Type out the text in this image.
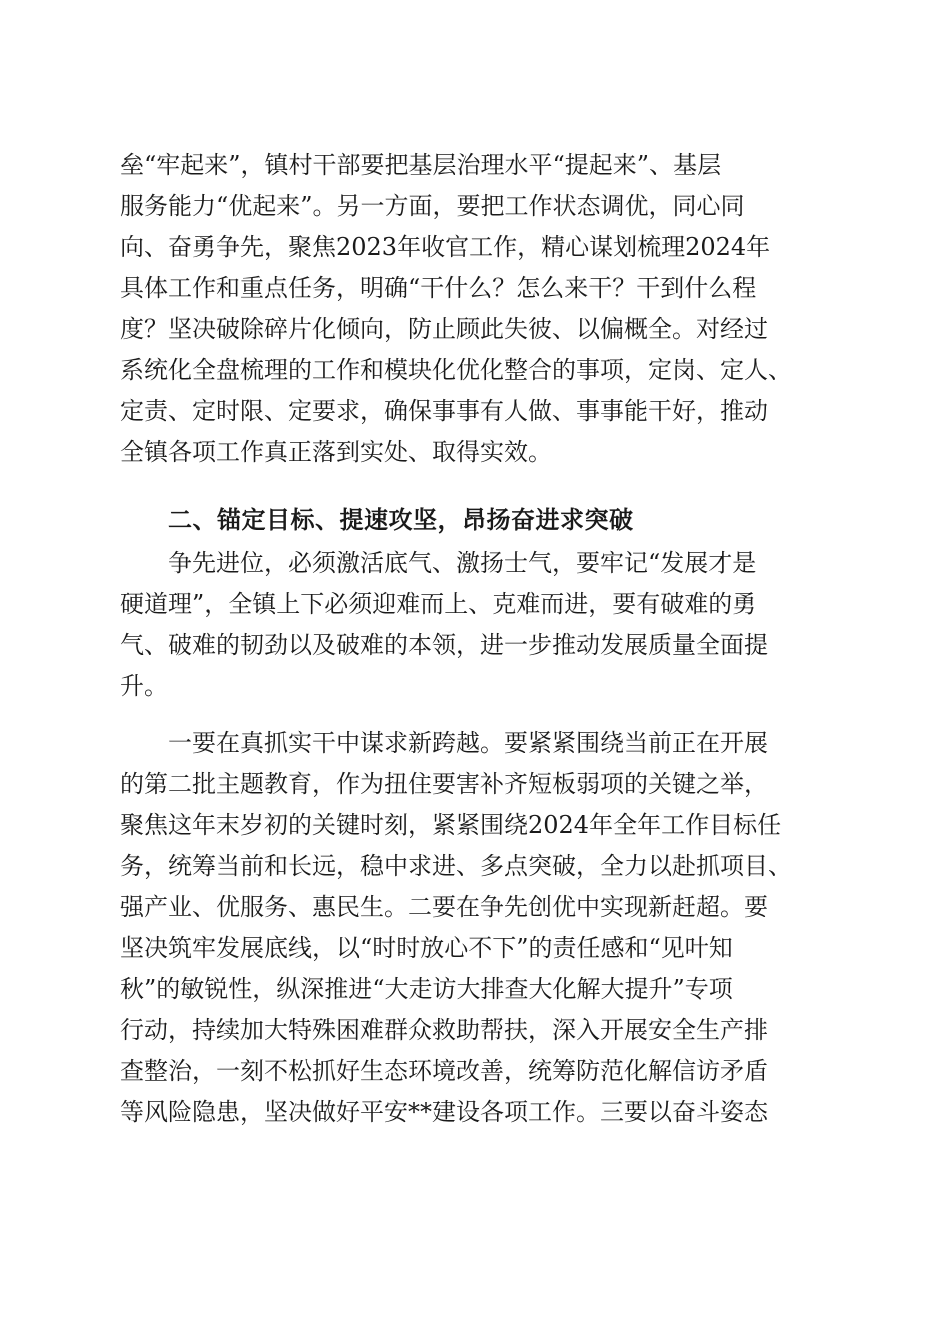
垒“牢起来”，镇村干部要把基层治理水平“提起来”、基层
服务能力“优起来”。另一方面，要把工作状态调优，同心同
向、奋勇争先，聚焦2023年收官工作，精心谋划梳理2024年
具体工作和重点任务，明确“干什么？怎么来干？干到什么程
度？坚决破除碎片化倾向，防止顾此失彼、以偏概全。对经过
系统化全盘梳理的工作和模块化优化整合的事项，定岗、定人、
定责、定时限、定要求，确保事事有人做、事事能干好，推动
全镇各项工作真正落到实处、取得实效。
二、锚定目标、提速攻坚，昂扬奋进求突破
争先进位，必须激活底气、激扬士气，要牢记“发展才是
硬道理”，全镇上下必须迎难而上、克难而进，要有破难的勇
气、破难的韧劲以及破难的本领，进一步推动发展质量全面提
升。
一要在真抓实干中谋求新跨越。要紧紧围绕当前正在开展
的第二批主题教育，作为扭住要害补齐短板弱项的关键之举，
聚焦这年末岁初的关键时刻，紧紧围绕2024年全年工作目标任
务，统筹当前和长远，稳中求进、多点突破，全力以赴抓项目、
强产业、优服务、惠民生。二要在争先创优中实现新赶超。要
坚决筑牢发展底线，以“时时放心不下”的责任感和“见叶知
秋”的敏锐性，纵深推进“大走访大排查大化解大提升”专项
行动，持续加大特殊困难群众救助帮扶，深入开展安全生产排
查整治，一刻不松抓好生态环境改善，统筹防范化解信访矛盾
等风险隐患，坚决做好平安**建设各项工作。三要以奋斗姿态
